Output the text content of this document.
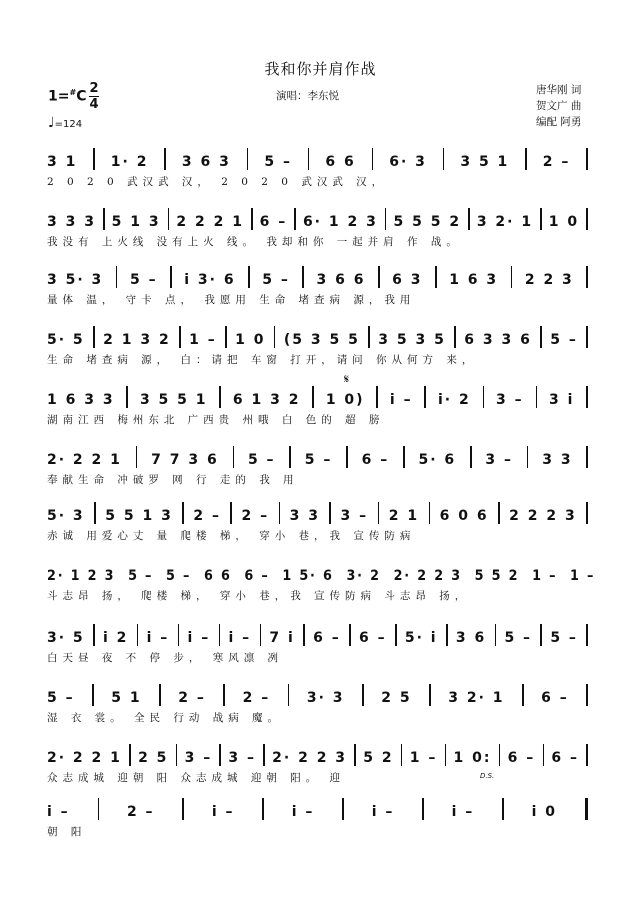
我和你并肩作战
演唱：李东悦	唐华刚 词
贺文广 曲
编配 阿勇
1=#C
2
4
♩=124
3 1 1· 2 3 6 3 5 – 6 6 6· 3 3 5 1 2 –
2 0 2 0 武汉武 汉， 2 0 2 0 武汉武 汉，
3 3 3 5 1 3 2 2 2 1 6 – 6· 1 2 3 5 5 5 2 3 2· 1 1 0
我没有 上火线 没有上火 线。 我却和你 一起并肩 作 战。
3 5· 3 5 – i 3· 6 5 – 3 6 6 6 3 1 6 3 2 2 3
量体 温， 守卡 点， 我愿用 生命 堵查病 源，我用
5· 5 2 1 3 2 1 – 1 0 (5 3 5 5 3 5 3 5 6 3 3 6 5 –
生命 堵查病 源， 白：请把 车窗 打开，请问 你从何方 来，
1 6 3 3 3 5 5 1 6 1 3 2 1 0) i – i· 2 3 – 3 i
湖南江西 梅州东北 广西贵 州哦 白 色的 超 膀
2· 2 2 1 7 7 3 6 5 – 5 – 6 – 5· 6 3 – 3 3
奉献生命 冲破罗 网 行 走的 我 用
5· 3 5 5 1 3 2 – 2 – 3 3 3 – 2 1 6 0 6 2 2 2 3
赤诚 用爱心丈 量 爬楼 梯， 穿小 巷，我 宣传防病
2· 1 2 3 5 – 5 – 6 6 6 – 1 5· 6 3· 2 2· 2 2 3 5 5 2 1 – 1 –
斗志昂 扬， 爬楼 梯， 穿小 巷，我 宣传防病 斗志昂 扬，
3· 5 i 2 i – i – i – 7 i 6 – 6 – 5· i 3 6 5 – 5 –
白天昼 夜 不 停 步， 寒风凛 冽
5 –	5 1	2 –	2 –	3· 3	2 5	3 2· 1	6 –
湿 衣 裳。 全民 行动 战病 魔。
2· 2 2 1 2 5 3 – 3 – 2· 2 2 3 5 2 1 – 1 0: 6 – 6 –
众志成城 迎朝 阳 众志成城 迎朝 阳。 迎
i –	2 –	i –	i –	i –	i –	i 0
朝 阳
𝄋
D.S.
